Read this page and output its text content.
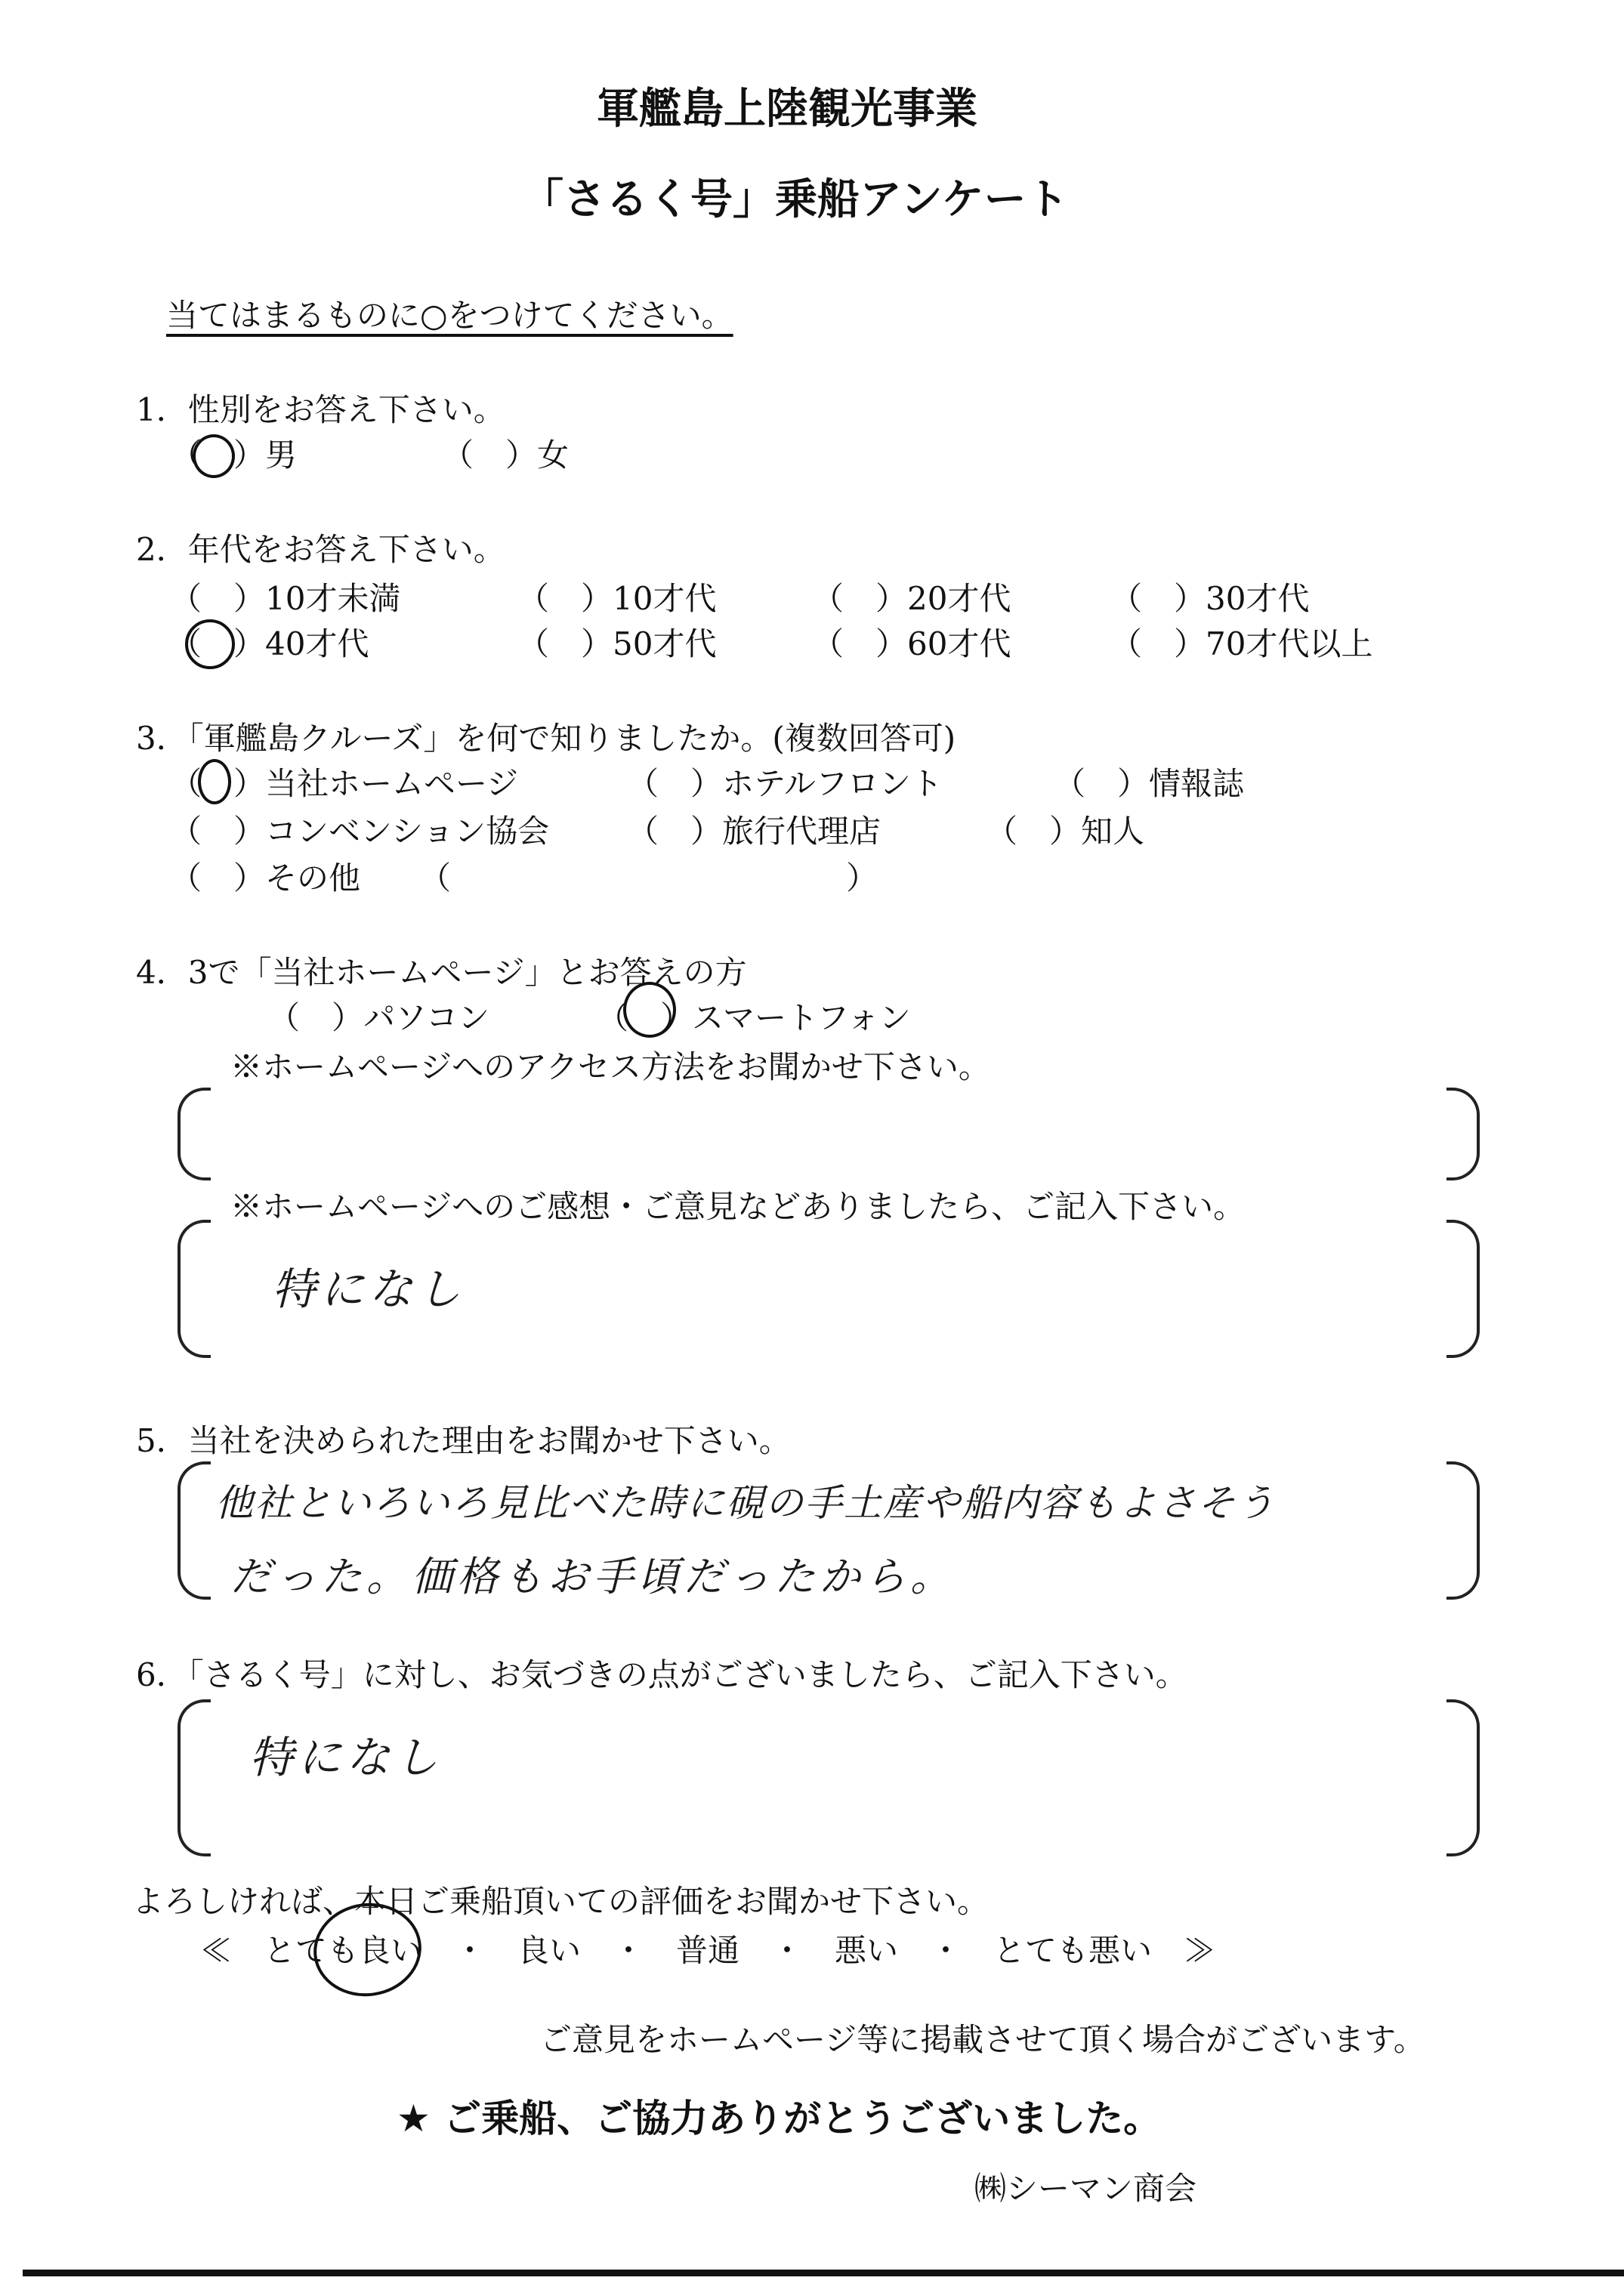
軍艦島上陸観光事業
「さるく号」乗船アンケート
当てはまるものに○をつけてください。
1．性別をお答え下さい。
（　）男	（　）女
2．年代をお答え下さい。
（　）10才未満	（　）10才代	（　）20才代	（　）30才代
（　）40才代	（　）50才代	（　）60才代	（　）70才代以上
3．「軍艦島クルーズ」を何で知りましたか。(複数回答可)
（　）当社ホームページ	（　）ホテルフロント	（　）情報誌
（　）コンベンション協会 （　）旅行代理店	（　）知人
（　）その他 （	）
4．3で「当社ホームページ」とお答えの方
（　）パソコン	（　）スマートフォン
※ホームページへのアクセス方法をお聞かせ下さい。
※ホームページへのご感想・ご意見などありましたら、ご記入下さい。
特になし
5．当社を決められた理由をお聞かせ下さい。
他社といろいろ見比べた時に硯の手土産や船内容もよさそう
だった。価格もお手頃だったから。
6．「さるく号」に対し、お気づきの点がございましたら、ご記入下さい。
特になし
よろしければ、本日ご乗船頂いての評価をお聞かせ下さい。
≪　とても良い　・　良い　・　普通　・　悪い　・　とても悪い　≫
ご意見をホームページ等に掲載させて頂く場合がございます。
★ ご乗船、ご協力ありがとうございました。
㈱シーマン商会
